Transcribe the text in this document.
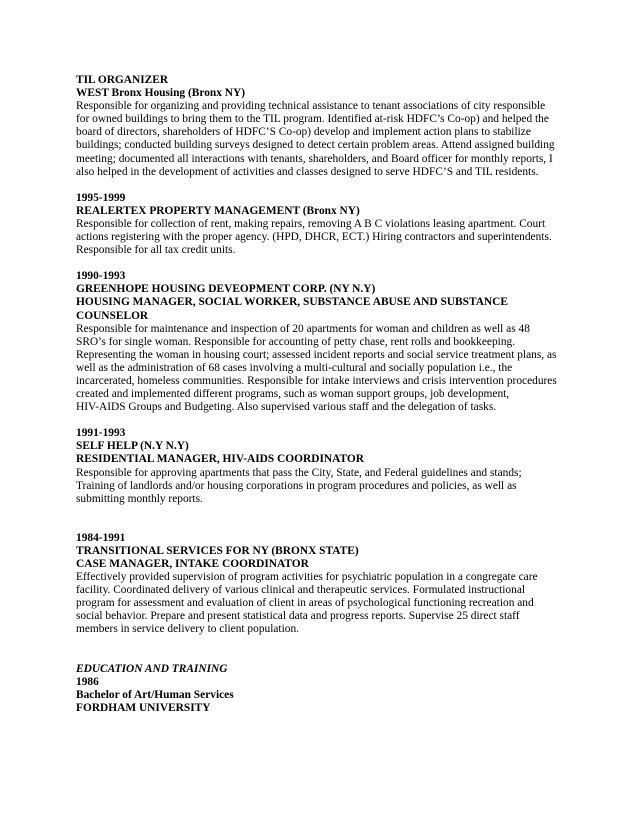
TIL ORGANIZER
WEST Bronx Housing (Bronx NY)
Responsible for organizing and providing technical assistance to tenant associations of city responsible
for owned buildings to bring them to the TIL program. Identified at-risk HDFC’s Co-op) and helped the
board of directors, shareholders of HDFC’S Co-op) develop and implement action plans to stabilize
buildings; conducted building surveys designed to detect certain problem areas. Attend assigned building
meeting; documented all interactions with tenants, shareholders, and Board officer for monthly reports, I
also helped in the development of activities and classes designed to serve HDFC’S and TIL residents.
1995-1999
REALERTEX PROPERTY MANAGEMENT (Bronx NY)
Responsible for collection of rent, making repairs, removing A B C violations leasing apartment. Court
actions registering with the proper agency. (HPD, DHCR, ECT.) Hiring contractors and superintendents.
Responsible for all tax credit units.
1990-1993
GREENHOPE HOUSING DEVEOPMENT CORP. (NY N.Y)
HOUSING MANAGER, SOCIAL WORKER, SUBSTANCE ABUSE AND SUBSTANCE
COUNSELOR
Responsible for maintenance and inspection of 20 apartments for woman and children as well as 48
SRO’s for single woman. Responsible for accounting of petty chase, rent rolls and bookkeeping.
Representing the woman in housing court; assessed incident reports and social service treatment plans, as
well as the administration of 68 cases involving a multi-cultural and socially population i.e., the
incarcerated, homeless communities. Responsible for intake interviews and crisis intervention procedures
created and implemented different programs, such as woman support groups, job development,
HIV-AIDS Groups and Budgeting. Also supervised various staff and the delegation of tasks.
1991-1993
SELF HELP (N.Y N.Y)
RESIDENTIAL MANAGER, HIV-AIDS COORDINATOR
Responsible for approving apartments that pass the City, State, and Federal guidelines and stands;
Training of landlords and/or housing corporations in program procedures and policies, as well as
submitting monthly reports.
1984-1991
TRANSITIONAL SERVICES FOR NY (BRONX STATE)
CASE MANAGER, INTAKE COORDINATOR
Effectively provided supervision of program activities for psychiatric population in a congregate care
facility. Coordinated delivery of various clinical and therapeutic services. Formulated instructional
program for assessment and evaluation of client in areas of psychological functioning recreation and
social behavior. Prepare and present statistical data and progress reports. Supervise 25 direct staff
members in service delivery to client population.
EDUCATION AND TRAINING
1986
Bachelor of Art/Human Services
FORDHAM UNIVERSITY
